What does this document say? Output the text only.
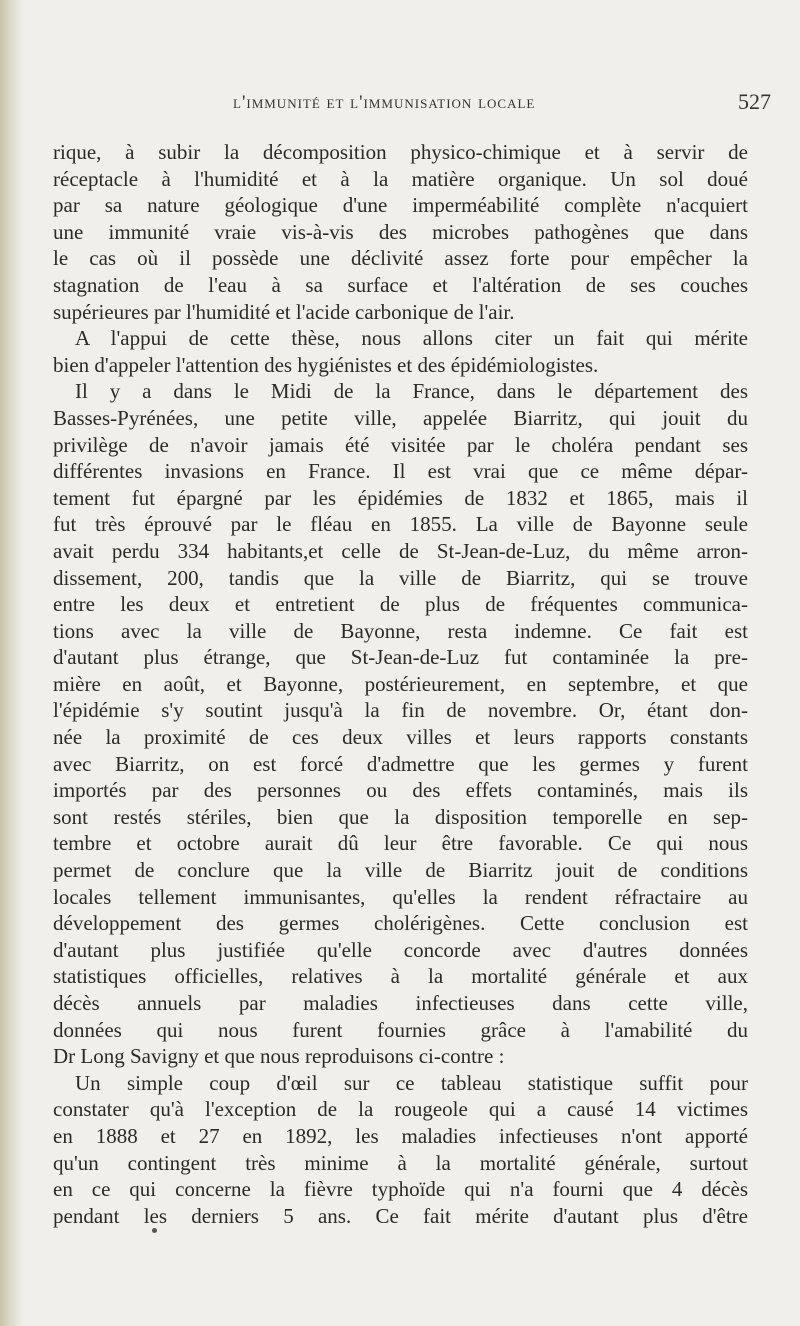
l'immunité et l'immunisation locale	527
rique, à subir la décomposition physico-chimique et à servir de
réceptacle à l'humidité et à la matière organique. Un sol doué
par sa nature géologique d'une imperméabilité complète n'acquiert
une immunité vraie vis-à-vis des microbes pathogènes que dans
le cas où il possède une déclivité assez forte pour empêcher la
stagnation de l'eau à sa surface et l'altération de ses couches
supérieures par l'humidité et l'acide carbonique de l'air.
A l'appui de cette thèse, nous allons citer un fait qui mérite
bien d'appeler l'attention des hygiénistes et des épidémiologistes.
Il y a dans le Midi de la France, dans le département des
Basses-Pyrénées, une petite ville, appelée Biarritz, qui jouit du
privilège de n'avoir jamais été visitée par le choléra pendant ses
différentes invasions en France. Il est vrai que ce même dépar-
tement fut épargné par les épidémies de 1832 et 1865, mais il
fut très éprouvé par le fléau en 1855. La ville de Bayonne seule
avait perdu 334 habitants,et celle de St-Jean-de-Luz, du même arron-
dissement, 200, tandis que la ville de Biarritz, qui se trouve
entre les deux et entretient de plus de fréquentes communica-
tions avec la ville de Bayonne, resta indemne. Ce fait est
d'autant plus étrange, que St-Jean-de-Luz fut contaminée la pre-
mière en août, et Bayonne, postérieurement, en septembre, et que
l'épidémie s'y soutint jusqu'à la fin de novembre. Or, étant don-
née la proximité de ces deux villes et leurs rapports constants
avec Biarritz, on est forcé d'admettre que les germes y furent
importés par des personnes ou des effets contaminés, mais ils
sont restés stériles, bien que la disposition temporelle en sep-
tembre et octobre aurait dû leur être favorable. Ce qui nous
permet de conclure que la ville de Biarritz jouit de conditions
locales tellement immunisantes, qu'elles la rendent réfractaire au
développement des germes cholérigènes. Cette conclusion est
d'autant plus justifiée qu'elle concorde avec d'autres données
statistiques officielles, relatives à la mortalité générale et aux
décès annuels par maladies infectieuses dans cette ville,
données qui nous furent fournies grâce à l'amabilité du
Dr Long Savigny et que nous reproduisons ci-contre :
Un simple coup d'œil sur ce tableau statistique suffit pour
constater qu'à l'exception de la rougeole qui a causé 14 victimes
en 1888 et 27 en 1892, les maladies infectieuses n'ont apporté
qu'un contingent très minime à la mortalité générale, surtout
en ce qui concerne la fièvre typhoïde qui n'a fourni que 4 décès
pendant les derniers 5 ans. Ce fait mérite d'autant plus d'être
